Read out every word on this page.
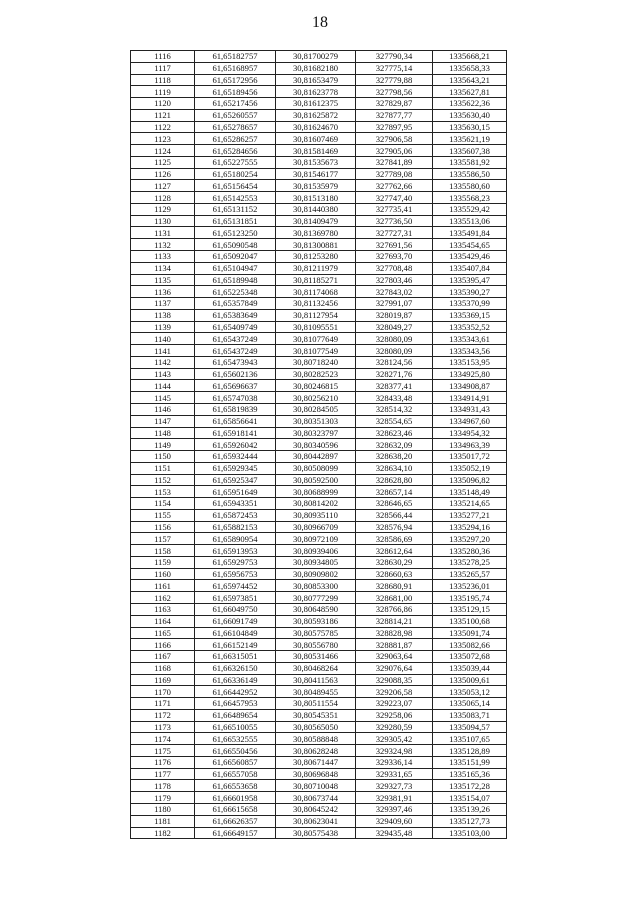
18
1116	61,65182757	30,81700279	327790,34	1335668,21
1117	61,65168957	30,81682180	327775,14	1335658,33
1118	61,65172956	30,81653479	327779,88	1335643,21
1119	61,65189456	30,81623778	327798,56	1335627,81
1120	61,65217456	30,81612375	327829,87	1335622,36
1121	61,65260557	30,81625872	327877,77	1335630,40
1122	61,65278657	30,81624670	327897,95	1335630,15
1123	61,65286257	30,81607469	327906,58	1335621,19
1124	61,65284656	30,81581469	327905,06	1335607,38
1125	61,65227555	30,81535673	327841,89	1335581,92
1126	61,65180254	30,81546177	327789,08	1335586,50
1127	61,65156454	30,81535979	327762,66	1335580,60
1128	61,65142553	30,81513180	327747,40	1335568,23
1129	61,65131152	30,81440380	327735,41	1335529,42
1130	61,65131851	30,81409479	327736,50	1335513,06
1131	61,65123250	30,81369780	327727,31	1335491,84
1132	61,65090548	30,81300881	327691,56	1335454,65
1133	61,65092047	30,81253280	327693,70	1335429,46
1134	61,65104947	30,81211979	327708,48	1335407,84
1135	61,65189948	30,81185271	327803,46	1335395,47
1136	61,65225348	30,81174068	327843,02	1335390,27
1137	61,65357849	30,81132456	327991,07	1335370,99
1138	61,65383649	30,81127954	328019,87	1335369,15
1139	61,65409749	30,81095551	328049,27	1335352,52
1140	61,65437249	30,81077649	328080,09	1335343,61
1141	61,65437249	30,81077549	328080,09	1335343,56
1142	61,65473943	30,80718240	328124,56	1335153,95
1143	61,65602136	30,80282523	328271,76	1334925,80
1144	61,65696637	30,80246815	328377,41	1334908,87
1145	61,65747038	30,80256210	328433,48	1334914,91
1146	61,65819839	30,80284505	328514,32	1334931,43
1147	61,65856641	30,80351303	328554,65	1334967,60
1148	61,65918141	30,80323797	328623,46	1334954,32
1149	61,65926042	30,80340596	328632,09	1334963,39
1150	61,65932444	30,80442897	328638,20	1335017,72
1151	61,65929345	30,80508099	328634,10	1335052,19
1152	61,65925347	30,80592500	328628,80	1335096,82
1153	61,65951649	30,80688999	328657,14	1335148,49
1154	61,65943351	30,80814202	328646,65	1335214,65
1155	61,65872453	30,80935110	328566,44	1335277,21
1156	61,65882153	30,80966709	328576,94	1335294,16
1157	61,65890954	30,80972109	328586,69	1335297,20
1158	61,65913953	30,80939406	328612,64	1335280,36
1159	61,65929753	30,80934805	328630,29	1335278,25
1160	61,65956753	30,80909802	328660,63	1335265,57
1161	61,65974452	30,80853300	328680,91	1335236,01
1162	61,65973851	30,80777299	328681,00	1335195,74
1163	61,66049750	30,80648590	328766,86	1335129,15
1164	61,66091749	30,80593186	328814,21	1335100,68
1165	61,66104849	30,80575785	328828,98	1335091,74
1166	61,66152149	30,80556780	328881,87	1335082,66
1167	61,66315051	30,80531466	329063,64	1335072,68
1168	61,66326150	30,80468264	329076,64	1335039,44
1169	61,66336149	30,80411563	329088,35	1335009,61
1170	61,66442952	30,80489455	329206,58	1335053,12
1171	61,66457953	30,80511554	329223,07	1335065,14
1172	61,66489654	30,80545351	329258,06	1335083,71
1173	61,66510055	30,80565050	329280,59	1335094,57
1174	61,66532555	30,80588848	329305,42	1335107,65
1175	61,66550456	30,80628248	329324,98	1335128,89
1176	61,66560857	30,80671447	329336,14	1335151,99
1177	61,66557058	30,80696848	329331,65	1335165,36
1178	61,66553658	30,80710048	329327,73	1335172,28
1179	61,66601958	30,80673744	329381,91	1335154,07
1180	61,66615658	30,80645242	329397,46	1335139,26
1181	61,66626357	30,80623041	329409,60	1335127,73
1182	61,66649157	30,80575438	329435,48	1335103,00
